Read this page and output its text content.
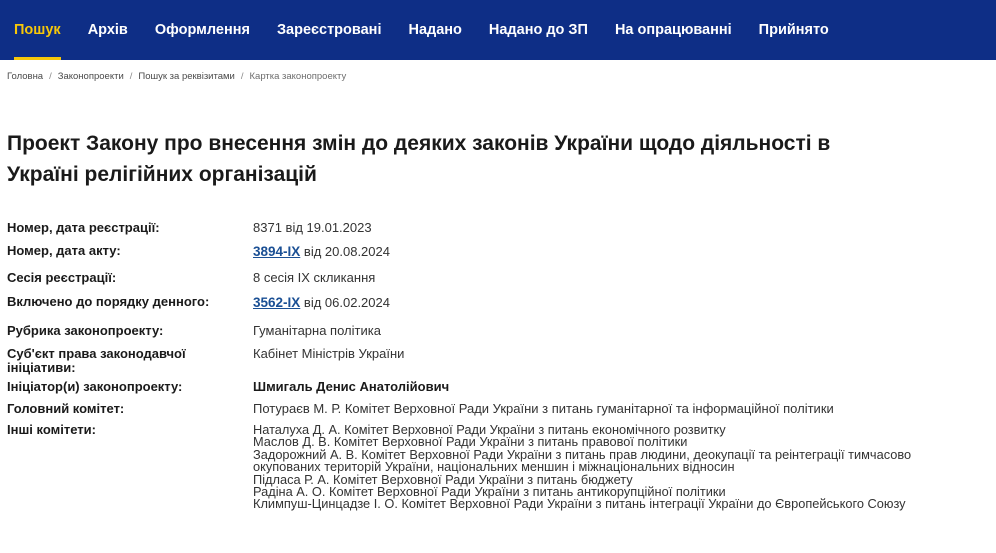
Пошук Архів Оформлення Зареєстровані Надано Надано до ЗП На опрацюванні Прийнято
Головна / Законопроекти / Пошук за реквізитами / Картка законопроекту
Проект Закону про внесення змін до деяких законів України щодо діяльності в Україні релігійних організацій
Номер, дата реєстрації:	8371 від 19.01.2023
Номер, дата акту:	3894-IX від 20.08.2024
Сесія реєстрації:	8 сесія IX скликання
Включено до порядку денного:	3562-IX від 06.02.2024
Рубрика законопроекту:	Гуманітарна політика
Суб'єкт права законодавчої
ініціативи:
Кабінет Міністрів України
Ініціатор(и) законопроекту:	Шмигаль Денис Анатолійович
Головний комітет:	Потураєв М. Р. Комітет Верховної Ради України з питань гуманітарної та інформаційної політики
Інші комітети:	Наталуха Д. А. Комітет Верховної Ради України з питань економічного розвитку
Маслов Д. В. Комітет Верховної Ради України з питань правової політики
Задорожний А. В. Комітет Верховної Ради України з питань прав людини, деокупації та реінтеграції тимчасово
окупованих територій України, національних меншин і міжнаціональних відносин
Підласа Р. А. Комітет Верховної Ради України з питань бюджету
Радіна А. О. Комітет Верховної Ради України з питань антикорупційної політики
Климпуш-Цинцадзе І. О. Комітет Верховної Ради України з питань інтеграції України до Європейського Союзу
